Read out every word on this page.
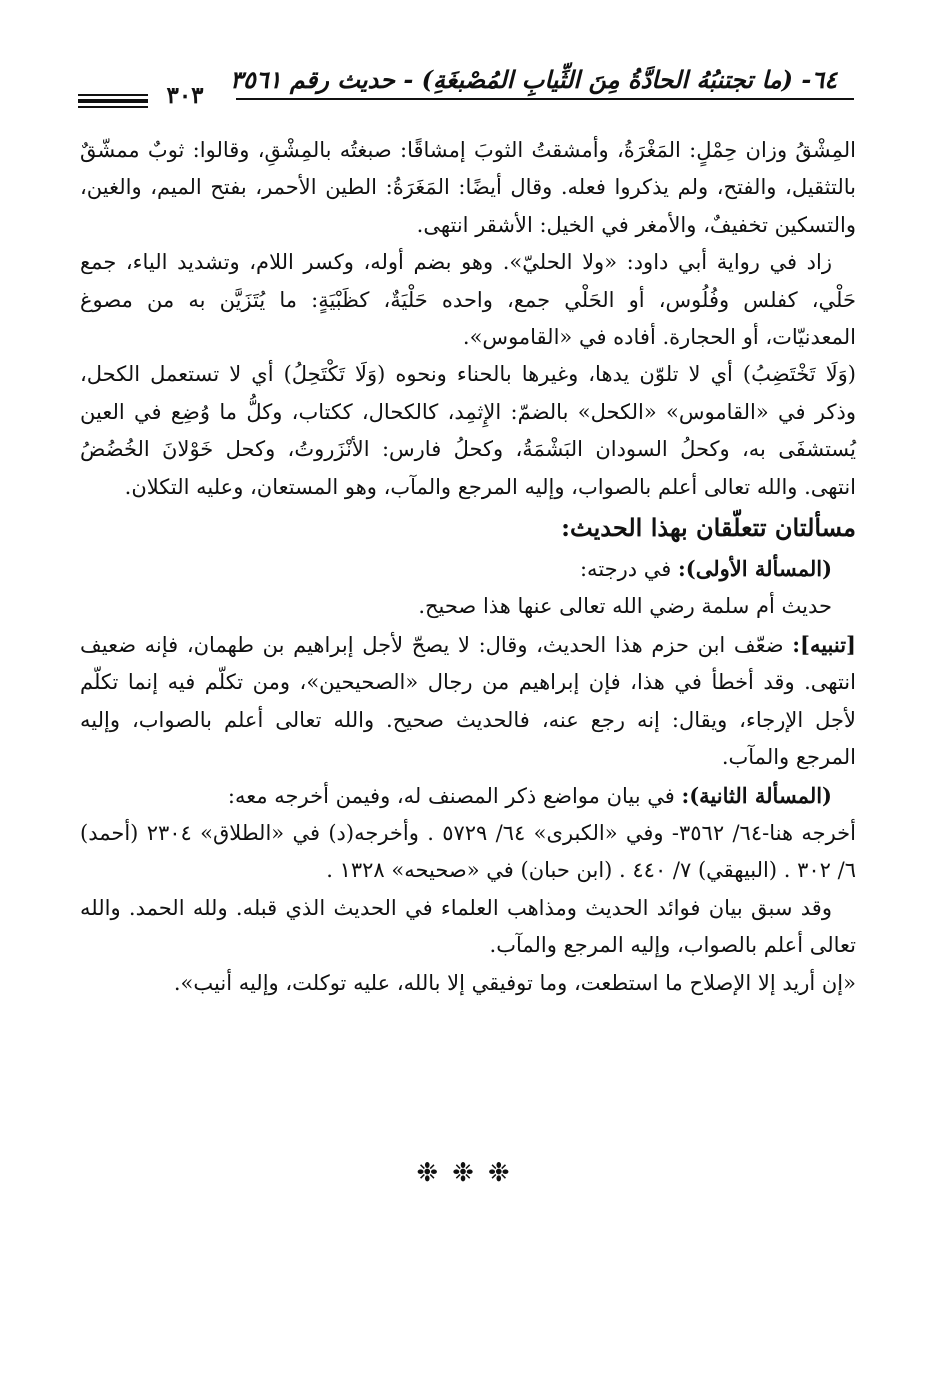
٦٤- (ما تجتنبُهُ الحادَّةُ مِنَ الثِّيابِ المُصْبغَةِ) - حديث رقم ٣٥٦١
٣٠٣

المِشْقُ وزان حِمْلٍ: المَغْرَةُ، وأمشقتُ الثوبَ إمشاقًا: صبغتُه بالمِشْقِ، وقالوا: ثوبٌ ممشّقٌ بالتثقيل، والفتح، ولم يذكروا فعله. وقال أيضًا: المَغَرَةُ: الطين الأحمر، بفتح الميم، والغين، والتسكين تخفيفٌ، والأمغر في الخيل: الأشقر انتهى.

زاد في رواية أبي داود: «ولا الحليّ». وهو بضم أوله، وكسر اللام، وتشديد الياء، جمع حَلْي، كفلس وفُلُوس، أو الحَلْي جمع، واحده حَلْيَةٌ، كظَبْيَةٍ: ما يُتَزَيَّن به من مصوغ المعدنيّات، أو الحجارة. أفاده في «القاموس».

(وَلَا تَخْتَضِبُ) أي لا تلوّن يدها، وغيرها بالحناء ونحوه (وَلَا تَكْتَحِلُ) أي لا تستعمل الكحل، وذكر في «القاموس» «الكحل» بالضمّ: الإِثمِد، كالكحال، ككتاب، وكلُّ ما وُضِع في العين يُستشفَى به، وكحلُ السودان البَشْمَةُ، وكحلُ فارس: الأنْزَروتُ، وكحل خَوْلانَ الخُضُضُ انتهى. والله تعالى أعلم بالصواب، وإليه المرجع والمآب، وهو المستعان، وعليه التكلان.

مسألتان تتعلّقان بهذا الحديث:

(المسألة الأولى): في درجته:

حديث أم سلمة رضي الله تعالى عنها هذا صحيح.

[تنبيه]: ضعّف ابن حزم هذا الحديث، وقال: لا يصحّ لأجل إبراهيم بن طهمان، فإنه ضعيف انتهى. وقد أخطأ في هذا، فإن إبراهيم من رجال «الصحيحين»، ومن تكلّم فيه إنما تكلّم لأجل الإرجاء، ويقال: إنه رجع عنه، فالحديث صحيح. والله تعالى أعلم بالصواب، وإليه المرجع والمآب.

(المسألة الثانية): في بيان مواضع ذكر المصنف له، وفيمن أخرجه معه:

أخرجه هنا-٦٤/ ٣٥٦٢- وفي «الكبرى» ٦٤/ ٥٧٢٩ . وأخرجه(د) في «الطلاق» ٢٣٠٤ (أحمد) ٦/ ٣٠٢ . (البيهقي) ٧/ ٤٤٠ . (ابن حبان) في «صحيحه» ١٣٢٨ .

وقد سبق بيان فوائد الحديث ومذاهب العلماء في الحديث الذي قبله. ولله الحمد. والله تعالى أعلم بالصواب، وإليه المرجع والمآب.

«إن أريد إلا الإصلاح ما استطعت، وما توفيقي إلا بالله، عليه توكلت، وإليه أنيب».

❉❉❉
